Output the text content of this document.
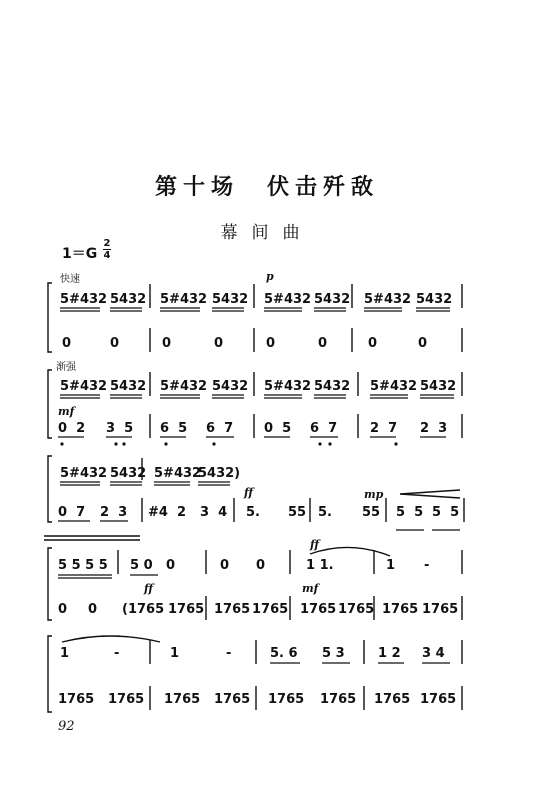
第十场　伏击歼敌
幕间曲
1＝G
2
4
快速
渐强
p
mf
ff	mp
ff
ff	mf
5#432 5432 5#432 5432 5#432 5432 5#432 5432
0	0	0	0	0	0	0	0
5#432 5432 5#432 5432 5#432 5432 5#432 5432
0  2 3  5 6  5 6  7 0  5 6  7	2  7 2  3
5#432 5432 5#432
5432)
0  7 2  3 #4  2 3  4 5. 55 5. 55 5  5 5  5
5 5 5 5 5 0 0	0 0	1 1.	1 -
0 0 (1765 1765 1765 1765 1765 1765 1765 1765
1	-	1	-	5. 6 5 3	1 2 3 4
1765 1765 1765 1765 1765 1765 1765 1765
92
